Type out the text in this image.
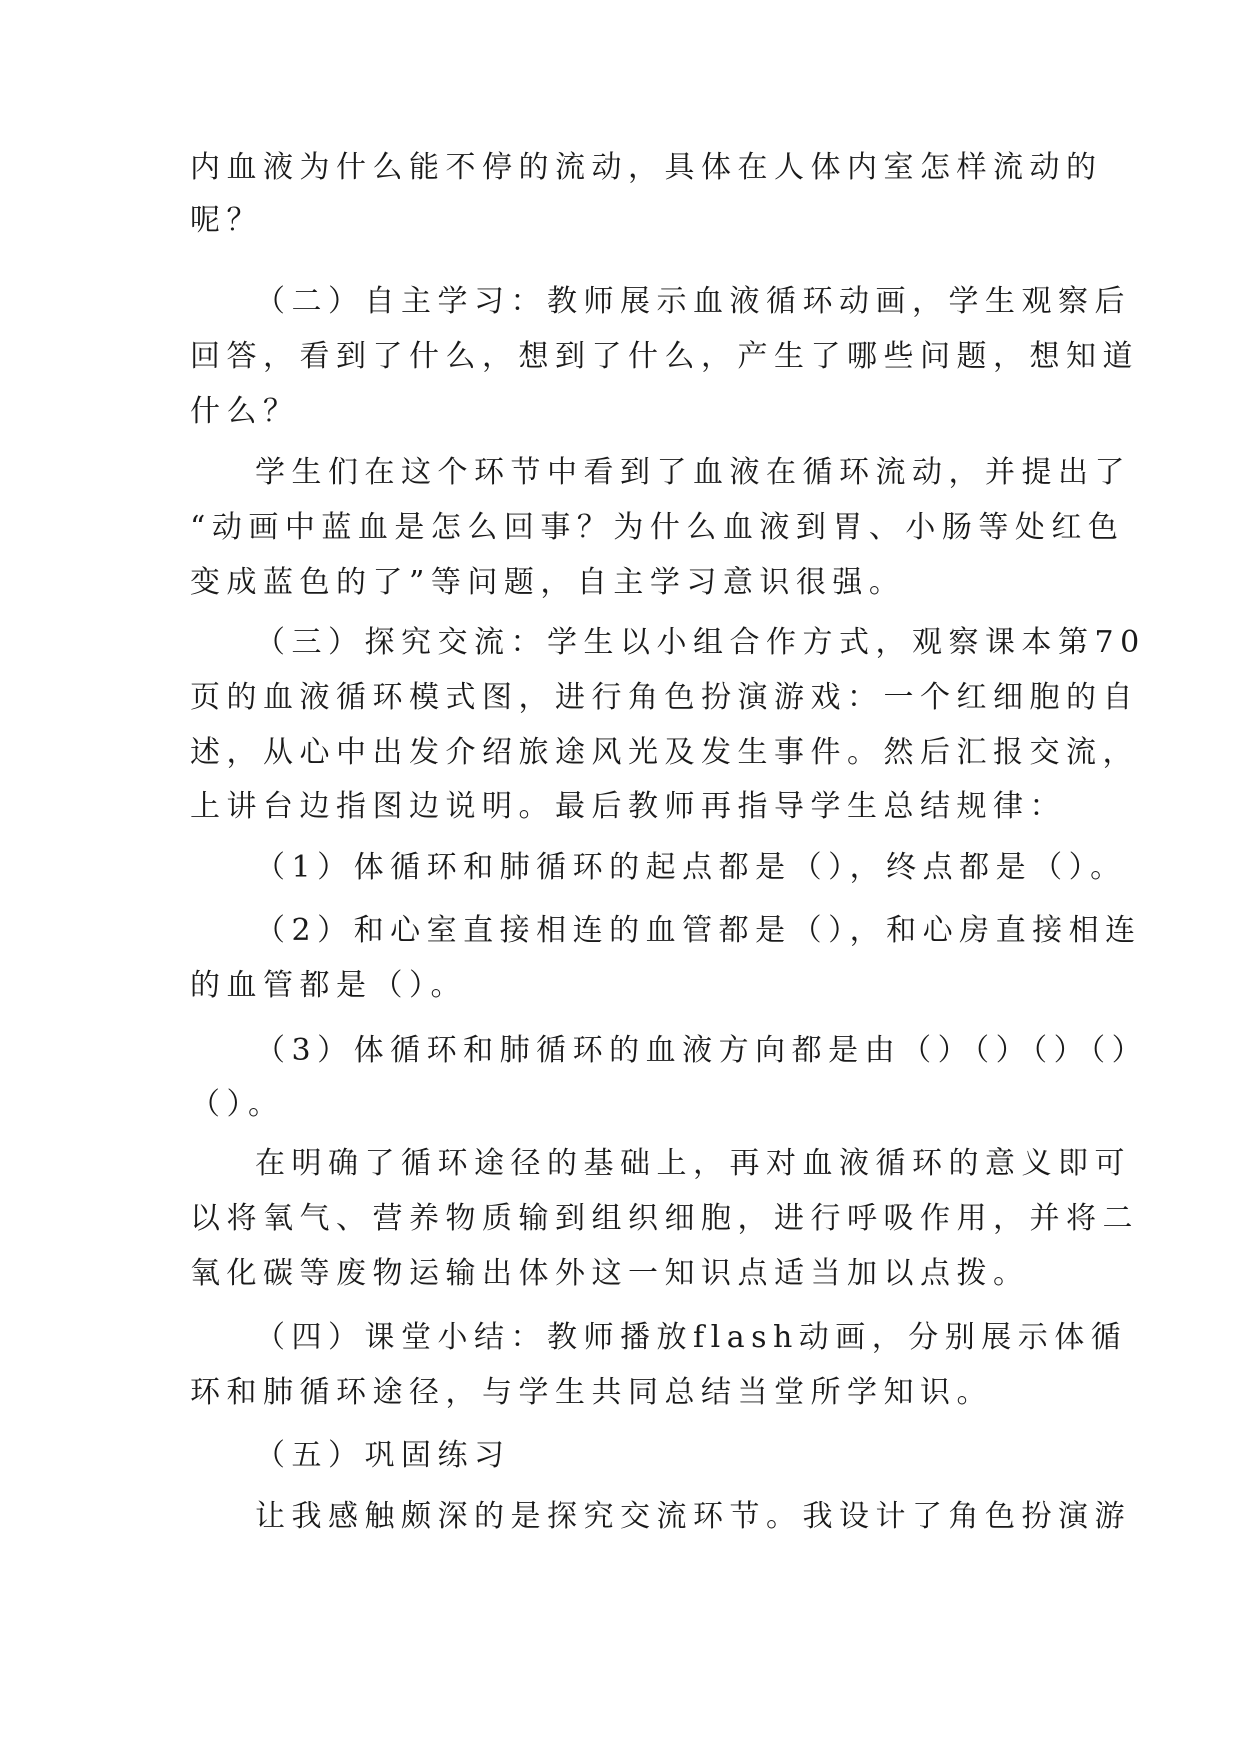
内血液为什么能不停的流动，具体在人体内室怎样流动的
呢？
（二）自主学习：教师展示血液循环动画，学生观察后
回答，看到了什么，想到了什么，产生了哪些问题，想知道
什么？
学生们在这个环节中看到了血液在循环流动，并提出了
“动画中蓝血是怎么回事？为什么血液到胃、小肠等处红色
变成蓝色的了”等问题，自主学习意识很强。
（三）探究交流：学生以小组合作方式，观察课本第70
页的血液循环模式图，进行角色扮演游戏：一个红细胞的自
述，从心中出发介绍旅途风光及发生事件。然后汇报交流，
上讲台边指图边说明。最后教师再指导学生总结规律：
（1）体循环和肺循环的起点都是（），终点都是（）。
（2）和心室直接相连的血管都是（），和心房直接相连
的血管都是（）。
（3）体循环和肺循环的血液方向都是由（）（）（）（）
（）。
在明确了循环途径的基础上，再对血液循环的意义即可
以将氧气、营养物质输到组织细胞，进行呼吸作用，并将二
氧化碳等废物运输出体外这一知识点适当加以点拨。
（四）课堂小结：教师播放flash动画，分别展示体循
环和肺循环途径，与学生共同总结当堂所学知识。
（五）巩固练习
让我感触颇深的是探究交流环节。我设计了角色扮演游
